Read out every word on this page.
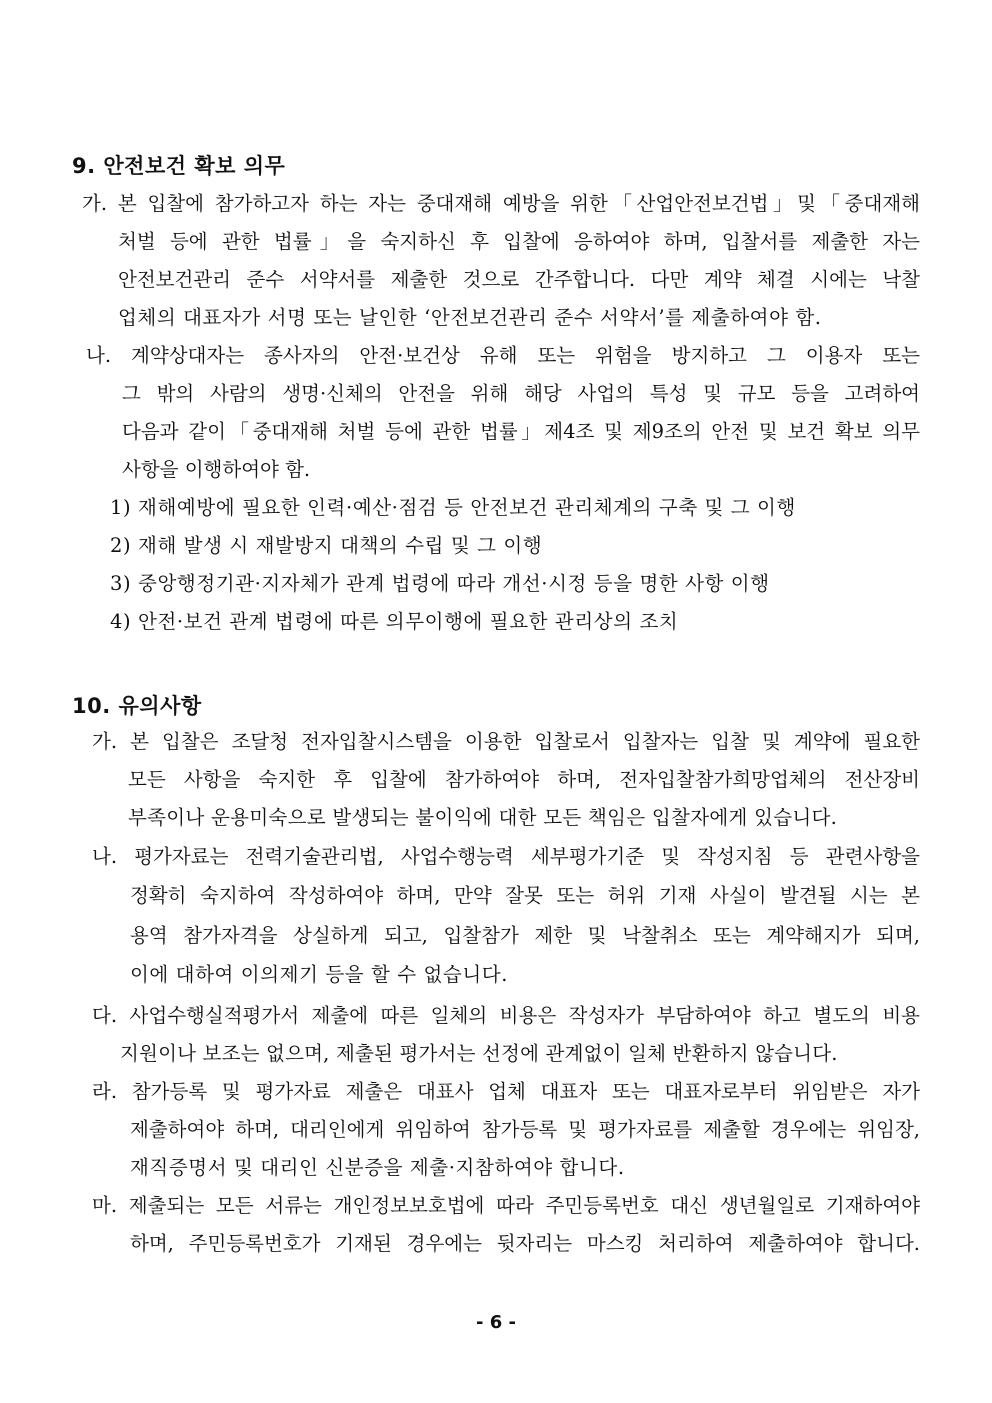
9. 안전보건 확보 의무
가. 본 입찰에 참가하고자 하는 자는 중대재해 예방을 위한「산업안전보건법」및「중대재해
처벌 등에 관한 법률」을 숙지하신 후 입찰에 응하여야 하며, 입찰서를 제출한 자는
안전보건관리 준수 서약서를 제출한 것으로 간주합니다. 다만 계약 체결 시에는 낙찰
업체의 대표자가 서명 또는 날인한 ‘안전보건관리 준수 서약서’를 제출하여야 함.
나. 계약상대자는 종사자의 안전·보건상 유해 또는 위험을 방지하고 그 이용자 또는
그 밖의 사람의 생명·신체의 안전을 위해 해당 사업의 특성 및 규모 등을 고려하여
다음과 같이「중대재해 처벌 등에 관한 법률」제4조 및 제9조의 안전 및 보건 확보 의무
사항을 이행하여야 함.
1) 재해예방에 필요한 인력·예산·점검 등 안전보건 관리체계의 구축 및 그 이행
2) 재해 발생 시 재발방지 대책의 수립 및 그 이행
3) 중앙행정기관·지자체가 관계 법령에 따라 개선·시정 등을 명한 사항 이행
4) 안전·보건 관계 법령에 따른 의무이행에 필요한 관리상의 조치
10. 유의사항
가. 본 입찰은 조달청 전자입찰시스템을 이용한 입찰로서 입찰자는 입찰 및 계약에 필요한
모든 사항을 숙지한 후 입찰에 참가하여야 하며, 전자입찰참가희망업체의 전산장비
부족이나 운용미숙으로 발생되는 불이익에 대한 모든 책임은 입찰자에게 있습니다.
나. 평가자료는 전력기술관리법, 사업수행능력 세부평가기준 및 작성지침 등 관련사항을
정확히 숙지하여 작성하여야 하며, 만약 잘못 또는 허위 기재 사실이 발견될 시는 본
용역 참가자격을 상실하게 되고, 입찰참가 제한 및 낙찰취소 또는 계약해지가 되며,
이에 대하여 이의제기 등을 할 수 없습니다.
다. 사업수행실적평가서 제출에 따른 일체의 비용은 작성자가 부담하여야 하고 별도의 비용
지원이나 보조는 없으며, 제출된 평가서는 선정에 관계없이 일체 반환하지 않습니다.
라. 참가등록 및 평가자료 제출은 대표사 업체 대표자 또는 대표자로부터 위임받은 자가
제출하여야 하며, 대리인에게 위임하여 참가등록 및 평가자료를 제출할 경우에는 위임장,
재직증명서 및 대리인 신분증을 제출·지참하여야 합니다.
마. 제출되는 모든 서류는 개인정보보호법에 따라 주민등록번호 대신 생년월일로 기재하여야
하며, 주민등록번호가 기재된 경우에는 뒷자리는 마스킹 처리하여 제출하여야 합니다.
- 6 -
